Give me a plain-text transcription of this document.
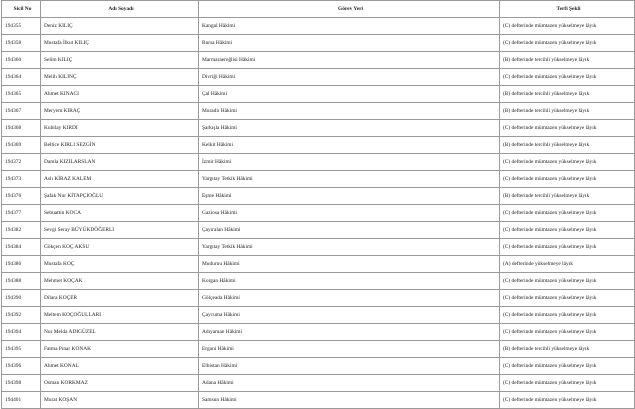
Sicil No	Adı Soyadı	Görev Yeri	Terfi Şekli
194355	Deniz KILIÇ	Kangal Hâkimi	(C) defterinde mümtazen yükselmeye lâyık
194358	Mustafa İlkut KILIÇ	Bursa Hâkimi	(C) defterinde mümtazen yükselmeye lâyık
194360	Selim KILIÇ	Marmaraereğlisi Hâkimi	(B) defterinde tercihli yükselmeye lâyık
194364	Melih KILINÇ	Divriği Hâkimi	(C) defterinde mümtazen yükselmeye lâyık
194365	Ahmet KINACI	Çal Hâkimi	(B) defterinde tercihli yükselmeye lâyık
194367	Meryem KIRAÇ	Muradiı Hâkimi	(B) defterinde tercihli yükselmeye lâyık
194368	Kubilay KIRDI	Şarkışla Hâkimi	(C) defterinde mümtazen yükselmeye lâyık
194369	Beltice KIRLI SEZGİN	Kelkit Hâkimi	(B) defterinde tercihli yükselmeye lâyık
194372	Damla KIZILARSLAN	İzmir Hâkimi	(C) defterinde mümtazen yükselmeye lâyık
194373	Aslı KİRAZ KALEM	Yargıtay Tetkik Hâkimi	(C) defterinde mümtazen yükselmeye lâyık
194376	Şafak Nur KİTAPÇIOĞLU	Eşme Hâkimi	(B) defterinde tercihli yükselmeye lâyık
194377	Sebuattin KOCA	Gaziosa Hâkimi	(C) defterinde mümtazen yükselmeye lâyık
194382	Sevgi Seray BÜYÜKDÖĞERLİ	Çayıralan Hâkimi	(C) defterinde mümtazen yükselmeye lâyık
194384	Gökçen KOÇ AKSU	Yargıtay Tetkik Hâkimi	(C) defterinde mümtazen yükselmeye lâyık
194386	Mustafa KOÇ	Mudurnu Hâkimi	(A) defterinde yükselmeye lâyık
194388	Mehmet KOÇAK	Korgan Hâkimi	(C) defterinde mümtazen yükselmeye lâyık
194390	Dilara KOÇER	Gölçeada Hâkimi	(C) defterinde mümtazen yükselmeye lâyık
194392	Meltem KOÇOĞULLARI	Çaycuma Hâkimi	(C) defterinde mümtazen yükselmeye lâyık
194394	Nur Melda ADIGÜZEL	Adıyaman Hâkimi	(C) defterinde mümtazen yükselmeye lâyık
194395	Fatma Pınar KONAK	Ergani Hâkimi	(B) defterinde tercihli yükselmeye lâyık
194396	Ahmet KONAL	Elbistan Hâkimi	(C) defterinde mümtazen yükselmeye lâyık
194398	Osman KORKMAZ	Adana Hâkimi	(C) defterinde mümtazen yükselmeye lâyık
194401	Murat KOŞAN	Samsun Hâkimi	(C) defterinde mümtazen yükselmeye lâyık
